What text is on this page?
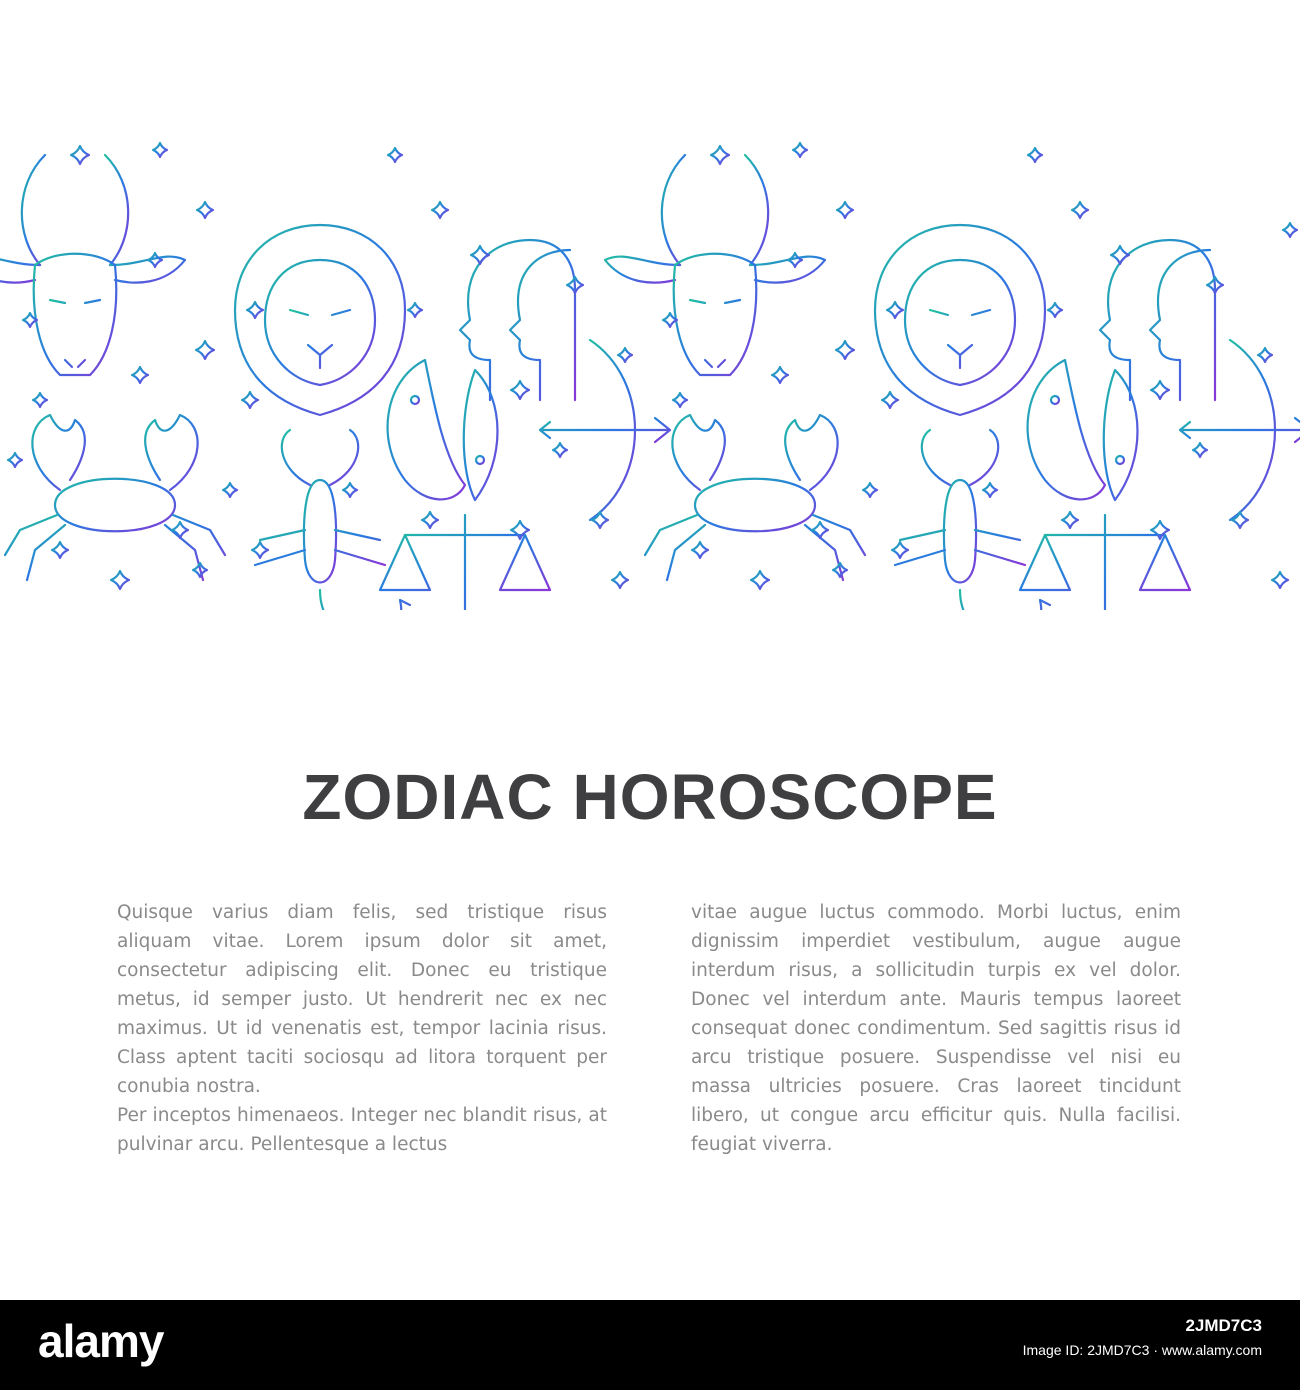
ZODIAC HOROSCOPE

Quisque varius diam felis, sed tristique risus aliquam vitae. Lorem ipsum dolor sit amet, consectetur adipiscing elit. Donec eu tristique metus, id semper justo. Ut hendrerit nec ex nec maximus. Ut id venenatis est, tempor lacinia risus. Class aptent taciti sociosqu ad litora torquent per conubia nostra.

Per inceptos himenaeos. Integer nec blandit risus, at pulvinar arcu. Pellentesque a lectus

vitae augue luctus commodo. Morbi luctus, enim dignissim imperdiet vestibulum, augue augue interdum risus, a sollicitudin turpis ex vel dolor. Donec vel interdum ante. Mauris tempus laoreet consequat donec condimentum. Sed sagittis risus id arcu tristique posuere. Suspendisse vel nisi eu massa ultricies posuere. Cras laoreet tincidunt libero, ut congue arcu efficitur quis. Nulla facilisi. feugiat viverra.

alamy	2JMD7C3
Image ID: 2JMD7C3 · www.alamy.com
